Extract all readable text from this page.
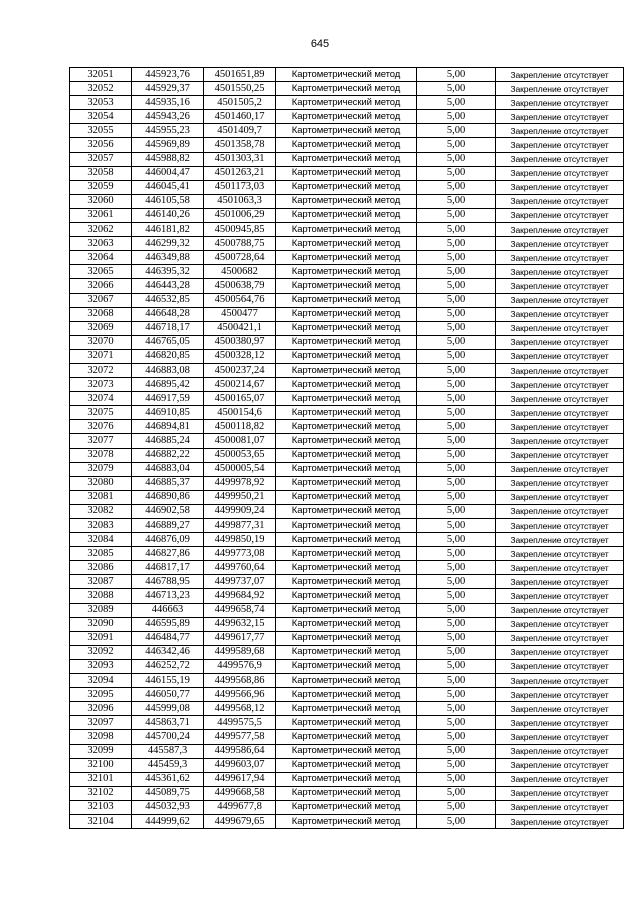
645
32051	445923,76	4501651,89	Картометрический метод	5,00	Закрепление отсутствует
32052	445929,37	4501550,25	Картометрический метод	5,00	Закрепление отсутствует
32053	445935,16	4501505,2	Картометрический метод	5,00	Закрепление отсутствует
32054	445943,26	4501460,17	Картометрический метод	5,00	Закрепление отсутствует
32055	445955,23	4501409,7	Картометрический метод	5,00	Закрепление отсутствует
32056	445969,89	4501358,78	Картометрический метод	5,00	Закрепление отсутствует
32057	445988,82	4501303,31	Картометрический метод	5,00	Закрепление отсутствует
32058	446004,47	4501263,21	Картометрический метод	5,00	Закрепление отсутствует
32059	446045,41	4501173,03	Картометрический метод	5,00	Закрепление отсутствует
32060	446105,58	4501063,3	Картометрический метод	5,00	Закрепление отсутствует
32061	446140,26	4501006,29	Картометрический метод	5,00	Закрепление отсутствует
32062	446181,82	4500945,85	Картометрический метод	5,00	Закрепление отсутствует
32063	446299,32	4500788,75	Картометрический метод	5,00	Закрепление отсутствует
32064	446349,88	4500728,64	Картометрический метод	5,00	Закрепление отсутствует
32065	446395,32	4500682	Картометрический метод	5,00	Закрепление отсутствует
32066	446443,28	4500638,79	Картометрический метод	5,00	Закрепление отсутствует
32067	446532,85	4500564,76	Картометрический метод	5,00	Закрепление отсутствует
32068	446648,28	4500477	Картометрический метод	5,00	Закрепление отсутствует
32069	446718,17	4500421,1	Картометрический метод	5,00	Закрепление отсутствует
32070	446765,05	4500380,97	Картометрический метод	5,00	Закрепление отсутствует
32071	446820,85	4500328,12	Картометрический метод	5,00	Закрепление отсутствует
32072	446883,08	4500237,24	Картометрический метод	5,00	Закрепление отсутствует
32073	446895,42	4500214,67	Картометрический метод	5,00	Закрепление отсутствует
32074	446917,59	4500165,07	Картометрический метод	5,00	Закрепление отсутствует
32075	446910,85	4500154,6	Картометрический метод	5,00	Закрепление отсутствует
32076	446894,81	4500118,82	Картометрический метод	5,00	Закрепление отсутствует
32077	446885,24	4500081,07	Картометрический метод	5,00	Закрепление отсутствует
32078	446882,22	4500053,65	Картометрический метод	5,00	Закрепление отсутствует
32079	446883,04	4500005,54	Картометрический метод	5,00	Закрепление отсутствует
32080	446885,37	4499978,92	Картометрический метод	5,00	Закрепление отсутствует
32081	446890,86	4499950,21	Картометрический метод	5,00	Закрепление отсутствует
32082	446902,58	4499909,24	Картометрический метод	5,00	Закрепление отсутствует
32083	446889,27	4499877,31	Картометрический метод	5,00	Закрепление отсутствует
32084	446876,09	4499850,19	Картометрический метод	5,00	Закрепление отсутствует
32085	446827,86	4499773,08	Картометрический метод	5,00	Закрепление отсутствует
32086	446817,17	4499760,64	Картометрический метод	5,00	Закрепление отсутствует
32087	446788,95	4499737,07	Картометрический метод	5,00	Закрепление отсутствует
32088	446713,23	4499684,92	Картометрический метод	5,00	Закрепление отсутствует
32089	446663	4499658,74	Картометрический метод	5,00	Закрепление отсутствует
32090	446595,89	4499632,15	Картометрический метод	5,00	Закрепление отсутствует
32091	446484,77	4499617,77	Картометрический метод	5,00	Закрепление отсутствует
32092	446342,46	4499589,68	Картометрический метод	5,00	Закрепление отсутствует
32093	446252,72	4499576,9	Картометрический метод	5,00	Закрепление отсутствует
32094	446155,19	4499568,86	Картометрический метод	5,00	Закрепление отсутствует
32095	446050,77	4499566,96	Картометрический метод	5,00	Закрепление отсутствует
32096	445999,08	4499568,12	Картометрический метод	5,00	Закрепление отсутствует
32097	445863,71	4499575,5	Картометрический метод	5,00	Закрепление отсутствует
32098	445700,24	4499577,58	Картометрический метод	5,00	Закрепление отсутствует
32099	445587,3	4499586,64	Картометрический метод	5,00	Закрепление отсутствует
32100	445459,3	4499603,07	Картометрический метод	5,00	Закрепление отсутствует
32101	445361,62	4499617,94	Картометрический метод	5,00	Закрепление отсутствует
32102	445089,75	4499668,58	Картометрический метод	5,00	Закрепление отсутствует
32103	445032,93	4499677,8	Картометрический метод	5,00	Закрепление отсутствует
32104	444999,62	4499679,65	Картометрический метод	5,00	Закрепление отсутствует
